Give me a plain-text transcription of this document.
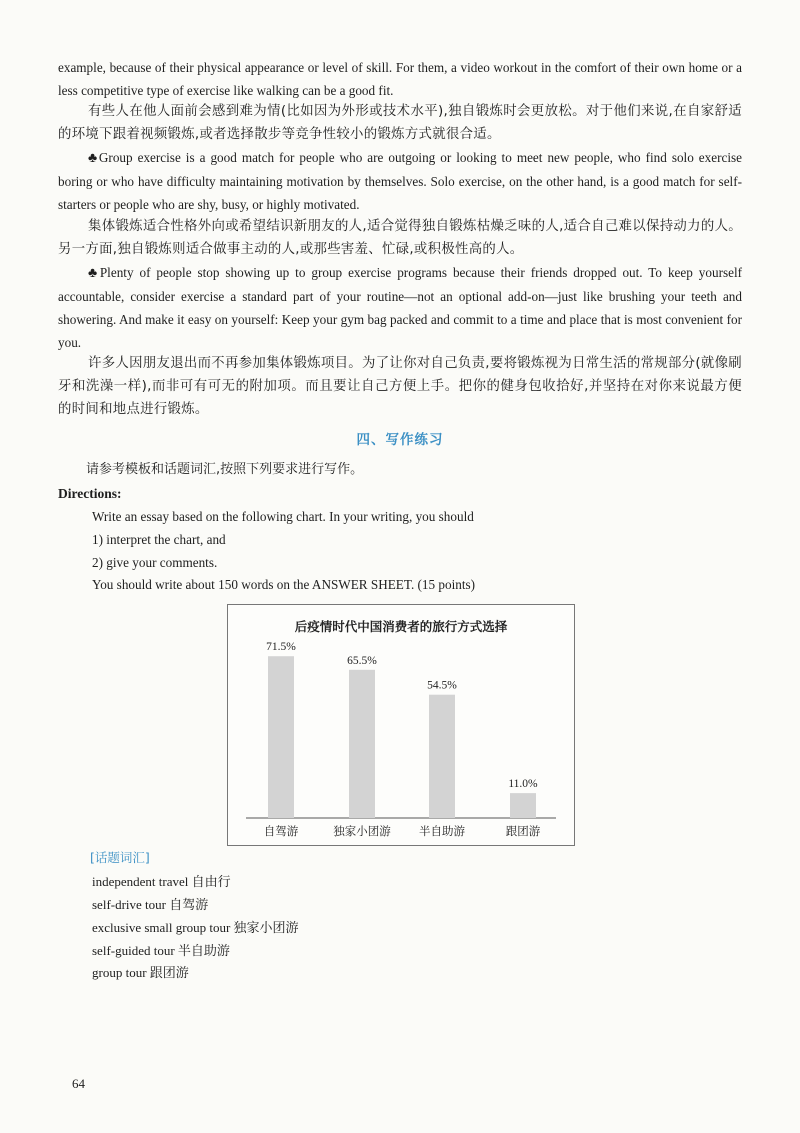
example, because of their physical appearance or level of skill. For them, a video workout in the comfort of their own home or a less competitive type of exercise like walking can be a good fit.

有些人在他人面前会感到难为情(比如因为外形或技术水平),独自锻炼时会更放松。对于他们来说,在自家舒适的环境下跟着视频锻炼,或者选择散步等竞争性较小的锻炼方式就很合适。

♣Group exercise is a good match for people who are outgoing or looking to meet new people, who find solo exercise boring or who have difficulty maintaining motivation by themselves. Solo exercise, on the other hand, is a good match for self-starters or people who are shy, busy, or highly motivated.

集体锻炼适合性格外向或希望结识新朋友的人,适合觉得独自锻炼枯燥乏味的人,适合自己难以保持动力的人。另一方面,独自锻炼则适合做事主动的人,或那些害羞、忙碌,或积极性高的人。

♣Plenty of people stop showing up to group exercise programs because their friends dropped out. To keep yourself accountable, consider exercise a standard part of your routine—not an optional add-on—just like brushing your teeth and showering. And make it easy on yourself: Keep your gym bag packed and commit to a time and place that is most convenient for you.

许多人因朋友退出而不再参加集体锻炼项目。为了让你对自己负责,要将锻炼视为日常生活的常规部分(就像刷牙和洗澡一样),而非可有可无的附加项。而且要让自己方便上手。把你的健身包收拾好,并坚持在对你来说最方便的时间和地点进行锻炼。

四、写作练习
请参考模板和话题词汇,按照下列要求进行写作。
Directions:
Write an essay based on the following chart. In your writing, you should
1) interpret the chart, and
2) give your comments.
You should write about 150 words on the ANSWER SHEET. (15 points)
后疫情时代中国消费者的旅行方式选择
71.5%
自驾游
65.5%
独家小团游
54.5%
半自助游
11.0%
跟团游
[话题词汇]
independent travel 自由行
self-drive tour 自驾游
exclusive small group tour 独家小团游
self-guided tour 半自助游
group tour 跟团游
64
